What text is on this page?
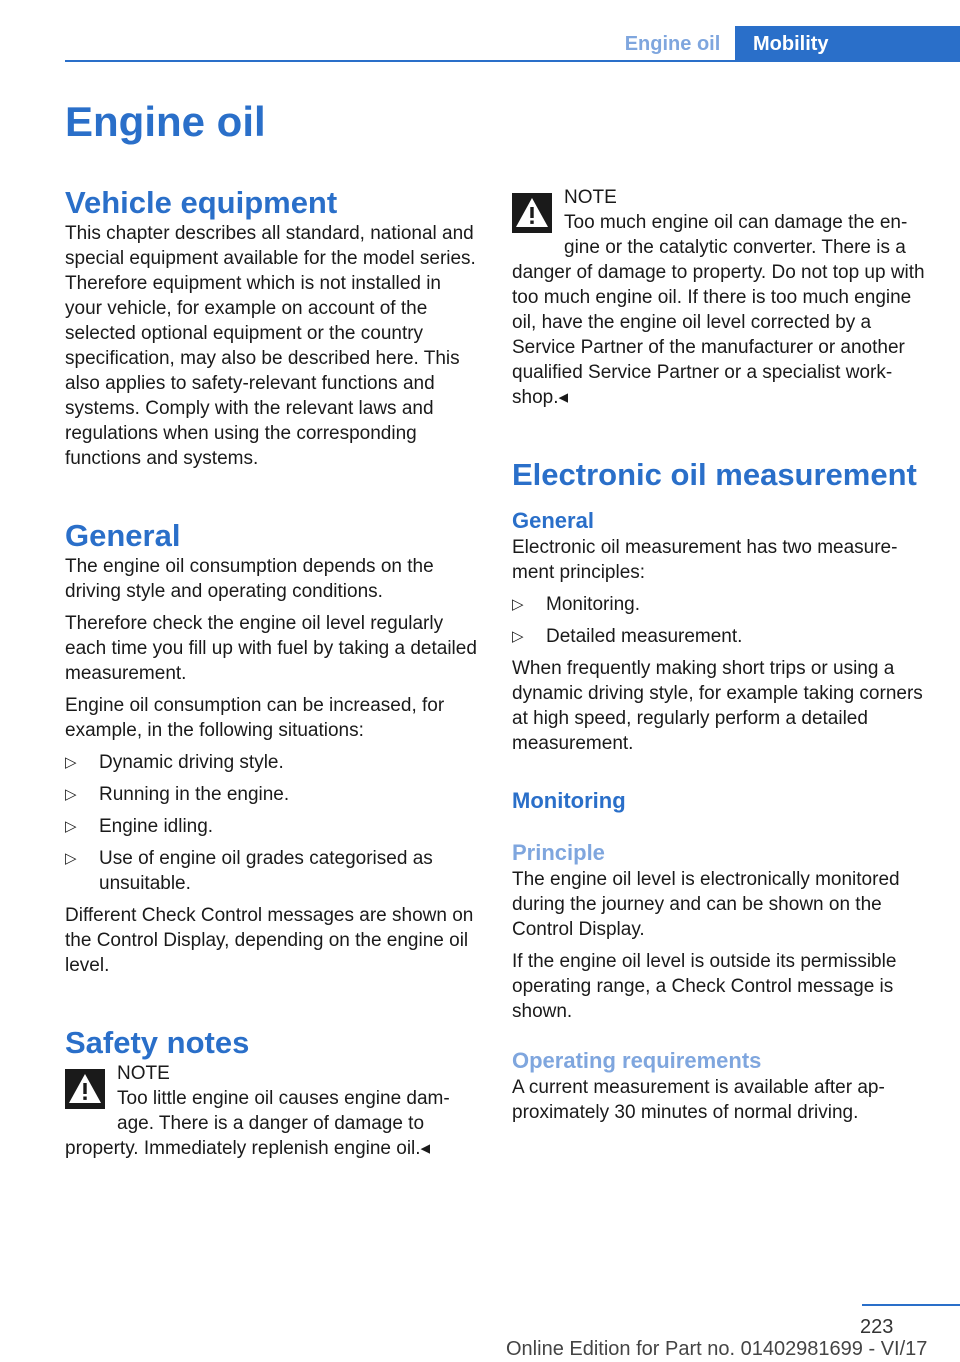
Engine oil	Mobility
Engine oil
Vehicle equipment

This chapter describes all standard, national and special equipment available for the model series. Therefore equipment which is not installed in your vehicle, for example on account of the selected optional equipment or the country specification, may also be described here. This also applies to safety-relevant functions and systems. Comply with the relevant laws and regulations when using the corresponding functions and systems.

General

The engine oil consumption depends on the driving style and operating conditions.

Therefore check the engine oil level regularly each time you fill up with fuel by taking a detailed measurement.

Engine oil consumption can be increased, for example, in the following situations:

▷ Dynamic driving style.
▷ Running in the engine.
▷ Engine idling.
▷ Use of engine oil grades categorised as unsuitable.

Different Check Control messages are shown on the Control Display, depending on the engine oil level.

Safety notes

NOTE

Too little engine oil causes engine damage. There is a danger of damage to property. Immediately replenish engine oil.◂

NOTE

Too much engine oil can damage the engine or the catalytic converter. There is a danger of damage to property. Do not top up with too much engine oil. If there is too much engine oil, have the engine oil level corrected by a Service Partner of the manufacturer or another qualified Service Partner or a specialist workshop.◂

Electronic oil measurement
General

Electronic oil measurement has two measurement principles:

▷ Monitoring.
▷ Detailed measurement.

When frequently making short trips or using a dynamic driving style, for example taking corners at high speed, regularly perform a detailed measurement.

Monitoring
Principle

The engine oil level is electronically monitored during the journey and can be shown on the Control Display.

If the engine oil level is outside its permissible operating range, a Check Control message is shown.

Operating requirements

A current measurement is available after approximately 30 minutes of normal driving.

223
Online Edition for Part no. 01402981699 - VI/17
